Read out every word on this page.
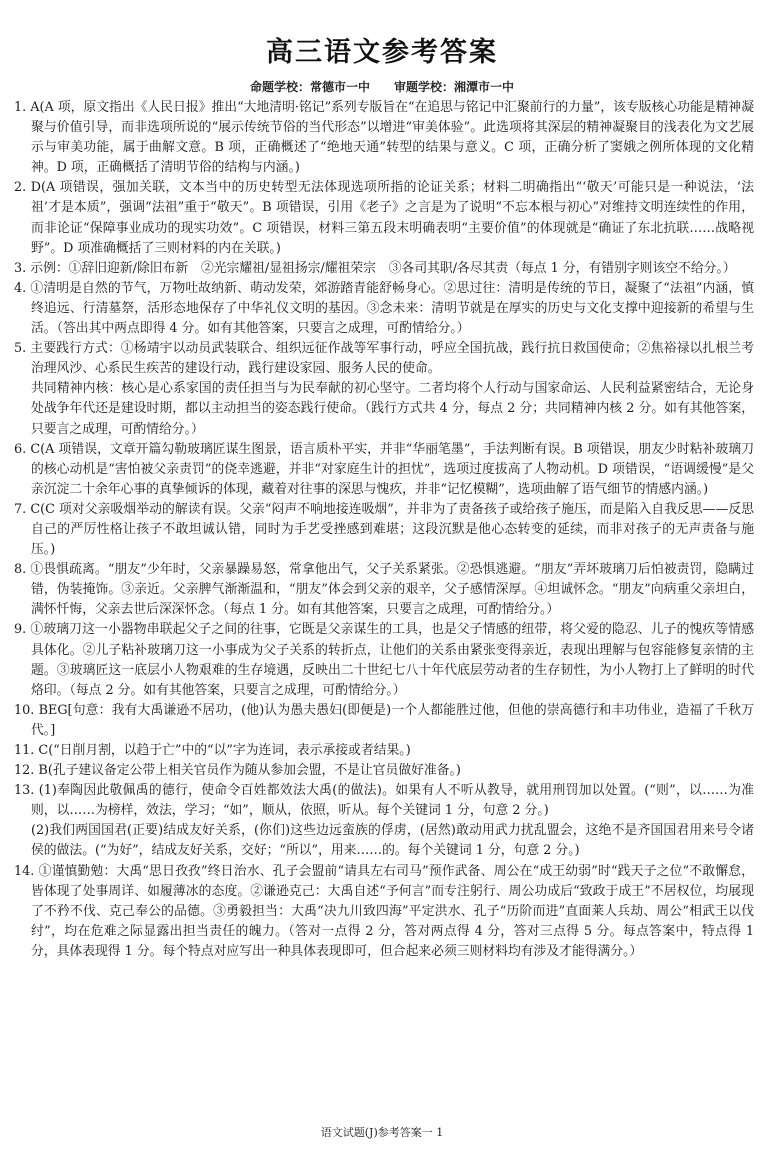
高三语文参考答案
命题学校：常德市一中 审题学校：湘潭市一中

1. A(A 项，原文指出《人民日报》推出“大地清明·铭记”系列专版旨在“在追思与铭记中汇聚前行的力量”，该专版核心功能是精神凝聚与价值引导，而非选项所说的“展示传统节俗的当代形态”以增进“审美体验”。此选项将其深层的精神凝聚目的浅表化为文艺展示与审美功能，属于曲解文意。B 项，正确概述了“绝地天通”转型的结果与意义。C 项，正确分析了窦娥之例所体现的文化精神。D 项，正确概括了清明节俗的结构与内涵。)

2. D(A 项错误，强加关联，文本当中的历史转型无法体现选项所指的论证关系；材料二明确指出“‘敬天’可能只是一种说法，‘法祖’才是本质”，强调“法祖”重于“敬天”。B 项错误，引用《老子》之言是为了说明“不忘本根与初心”对维持文明连续性的作用，而非论证“保障事业成功的现实功效”。C 项错误，材料三第五段末明确表明“主要价值”的体现就是“确证了东北抗联……战略视野”。D 项准确概括了三则材料的内在关联。)

3. 示例：①辞旧迎新/除旧布新　②光宗耀祖/显祖扬宗/耀祖荣宗　③各司其职/各尽其责（每点 1 分，有错别字则该空不给分。）

4. ①清明是自然的节气，万物吐故纳新、萌动发荣，郊游踏青能舒畅身心。②思过往：清明是传统的节日，凝聚了“法祖”内涵，慎终追远、行清墓祭，活形态地保存了中华礼仪文明的基因。③念未来：清明节就是在厚实的历史与文化支撑中迎接新的希望与生活。（答出其中两点即得 4 分。如有其他答案，只要言之成理，可酌情给分。）

5. 主要践行方式：①杨靖宇以动员武装联合、组织远征作战等军事行动，呼应全国抗战，践行抗日救国使命；②焦裕禄以扎根兰考治理风沙、心系民生疾苦的建设行动，践行建设家园、服务人民的使命。

共同精神内核：核心是心系家国的责任担当与为民奉献的初心坚守。二者均将个人行动与国家命运、人民利益紧密结合，无论身处战争年代还是建设时期，都以主动担当的姿态践行使命。（践行方式共 4 分，每点 2 分；共同精神内核 2 分。如有其他答案，只要言之成理，可酌情给分。）

6. C(A 项错误，文章开篇勾勒玻璃匠谋生图景，语言质朴平实，并非“华丽笔墨”，手法判断有误。B 项错误，朋友少时粘补玻璃刀的核心动机是“害怕被父亲责罚”的侥幸逃避，并非“对家庭生计的担忧”，选项过度拔高了人物动机。D 项错误，“语调缓慢”是父亲沉淀二十余年心事的真挚倾诉的体现，藏着对往事的深思与愧疚，并非“记忆模糊”，选项曲解了语气细节的情感内涵。)

7. C(C 项对父亲吸烟举动的解读有误。父亲“闷声不响地接连吸烟”，并非为了责备孩子或给孩子施压，而是陷入自我反思——反思自己的严厉性格让孩子不敢坦诚认错，同时为手艺受挫感到难堪；这段沉默是他心态转变的延续，而非对孩子的无声责备与施压。)

8. ①畏惧疏离。“朋友”少年时，父亲暴躁易怒，常拿他出气，父子关系紧张。②恐惧逃避。“朋友”弄坏玻璃刀后怕被责罚，隐瞒过错，伪装掩饰。③亲近。父亲脾气渐渐温和，“朋友”体会到父亲的艰辛，父子感情深厚。④坦诚怀念。“朋友”向病重父亲坦白，满怀忏悔，父亲去世后深深怀念。（每点 1 分。如有其他答案，只要言之成理，可酌情给分。）

9. ①玻璃刀这一小器物串联起父子之间的往事，它既是父亲谋生的工具，也是父子情感的纽带，将父爱的隐忍、儿子的愧疚等情感具体化。②儿子粘补玻璃刀这一小事成为父子关系的转折点，让他们的关系由紧张变得亲近，表现出理解与包容能修复亲情的主题。③玻璃匠这一底层小人物艰难的生存境遇，反映出二十世纪七八十年代底层劳动者的生存韧性，为小人物打上了鲜明的时代烙印。（每点 2 分。如有其他答案，只要言之成理，可酌情给分。）

10. BEG[句意：我有大禹谦逊不居功，(他)认为愚夫愚妇(即便是)一个人都能胜过他，但他的崇高德行和丰功伟业，造福了千秋万代。]

11. C(“日削月割，以趋于亡”中的“以”字为连词，表示承接或者结果。)

12. B(孔子建议备定公带上相关官员作为随从参加会盟，不是让官员做好准备。)

13. (1)奉陶因此敬佩禹的德行，使命令百姓都效法大禹(的做法)。如果有人不听从教导，就用刑罚加以处置。(“则”，以……为准则，以……为榜样，效法，学习；“如”，顺从，依照，听从。每个关键词 1 分，句意 2 分。)

(2)我们两国国君(正要)结成友好关系，(你们)这些边远蛮族的俘虏，(居然)敢动用武力扰乱盟会，这绝不是齐国国君用来号令诸侯的做法。(“为好”，结成友好关系，交好；“所以”，用来……的。每个关键词 1 分，句意 2 分。)

14. ①谨慎勤勉：大禹“思日孜孜”终日治水、孔子会盟前“请具左右司马”预作武备、周公在“成王幼弱”时“践天子之位”不敢懈怠，皆体现了处事周详、如履薄冰的态度。②谦逊克己：大禹自述“予何言”而专注躬行、周公功成后“致政于成王”不居权位，均展现了不矜不伐、克己奉公的品德。③勇毅担当：大禹“决九川致四海”平定洪水、孔子“历阶而进”直面莱人兵劫、周公“相武王以伐纣”，均在危难之际显露出担当责任的魄力。（答对一点得 2 分，答对两点得 4 分，答对三点得 5 分。每点答案中，特点得 1 分，具体表现得 1 分。每个特点对应写出一种具体表现即可，但合起来必须三则材料均有涉及才能得满分。）

语文试题(J)参考答案一 1
